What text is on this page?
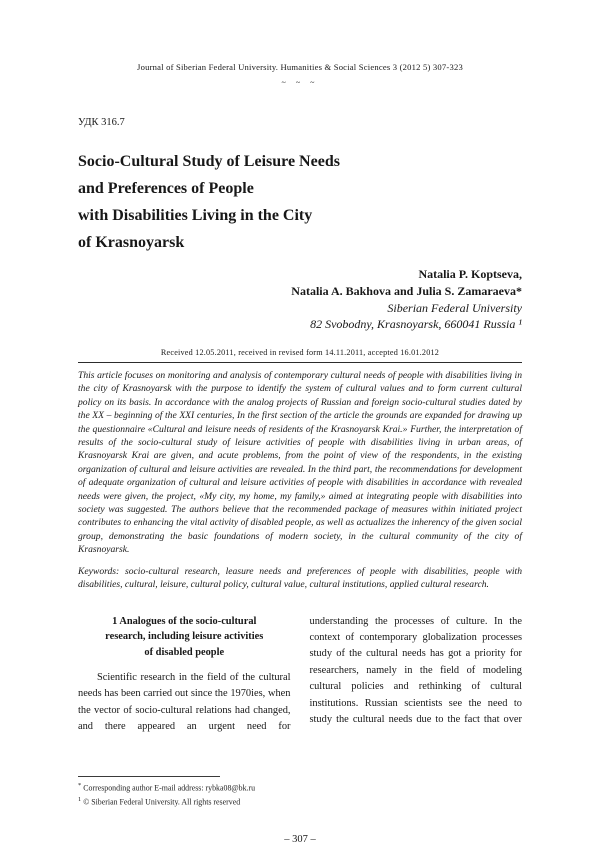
Journal of Siberian Federal University. Humanities & Social Sciences 3 (2012 5) 307-323
~ ~ ~
УДК 316.7
Socio-Cultural Study of Leisure Needs
and Preferences of People
with Disabilities Living in the City
of Krasnoyarsk
Natalia P. Koptseva,
Natalia A. Bakhova and Julia S. Zamaraeva*
Siberian Federal University
82 Svobodny, Krasnoyarsk, 660041 Russia ¹
Received 12.05.2011, received in revised form 14.11.2011, accepted 16.01.2012

This article focuses on monitoring and analysis of contemporary cultural needs of people with disabilities living in the city of Krasnoyarsk with the purpose to identify the system of cultural values and to form current cultural policy on its basis. In accordance with the analog projects of Russian and foreign socio-cultural studies dated by the XX – beginning of the XXI centuries, In the first section of the article the grounds are expanded for drawing up the questionnaire «Cultural and leisure needs of residents of the Krasnoyarsk Krai.» Further, the interpretation of results of the socio-cultural study of leisure activities of people with disabilities living in urban areas, of Krasnoyarsk Krai are given, and acute problems, from the point of view of the respondents, in the existing organization of cultural and leisure activities are revealed. In the third part, the recommendations for development of adequate organization of cultural and leisure activities of people with disabilities in accordance with revealed needs were given, the project, «My city, my home, my family,» aimed at integrating people with disabilities into society was suggested. The authors believe that the recommended package of measures within initiated project contributes to enhancing the vital activity of disabled people, as well as actualizes the inherency of the given social group, demonstrating the basic foundations of modern society, in the cultural community of the city of Krasnoyarsk.

Keywords: socio-cultural research, leasure needs and preferences of people with disabilities, people with disabilities, cultural, leisure, cultural policy, cultural value, cultural institutions, applied cultural research.

1 Analogues of the socio-cultural
research, including leisure activities
of disabled people

Scientific research in the field of the cultural needs has been carried out since the 1970ies, when the vector of socio-cultural relations had changed, and there appeared an urgent need for

understanding the processes of culture. In the context of contemporary globalization processes study of the cultural needs has got a priority for researchers, namely in the field of modeling cultural policies and rethinking of cultural institutions. Russian scientists see the need to study the cultural needs due to the fact that over

* Corresponding author E-mail address: rybka08@bk.ru
$^1$ © Siberian Federal University. All rights reserved
– 307 –
